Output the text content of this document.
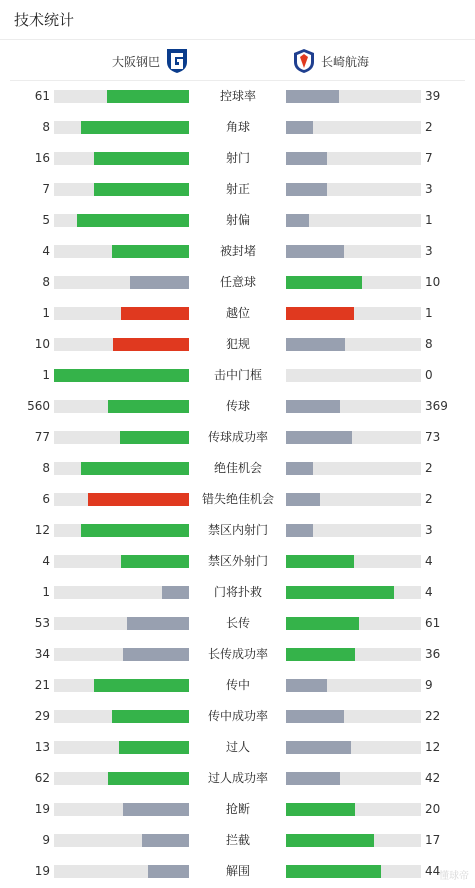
技术统计
大阪钢巴	长崎航海
61	控球率	39
8	角球	2
16	射门	7
7	射正	3
5	射偏	1
4	被封堵	3
8	任意球	10
1	越位	1
10	犯规	8
1	击中门框	0
560	传球	369
77	传球成功率	73
8	绝佳机会	2
6	错失绝佳机会	2
12	禁区内射门	3
4	禁区外射门	4
1	门将扑救	4
53	长传	61
34	长传成功率	36
21	传中	9
29	传中成功率	22
13	过人	12
62	过人成功率	42
19	抢断	20
9	拦截	17
19	解围	44
懂球帝
